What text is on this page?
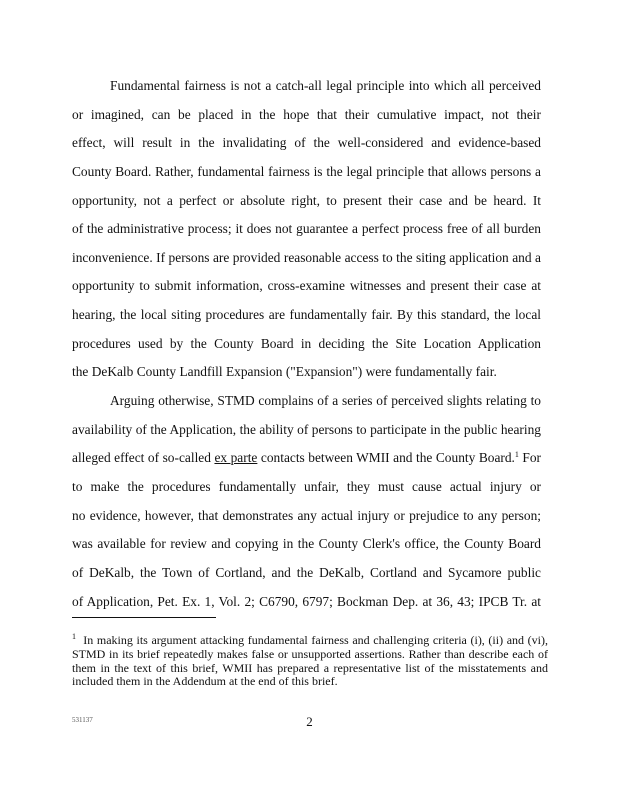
Fundamental fairness is not a catch-all legal principle into which all perceived
or imagined, can be placed in the hope that their cumulative impact, not their
effect, will result in the invalidating of the well-considered and evidence-based
County Board. Rather, fundamental fairness is the legal principle that allows persons a
opportunity, not a perfect or absolute right, to present their case and be heard. It
of the administrative process; it does not guarantee a perfect process free of all burden
inconvenience. If persons are provided reasonable access to the siting application and a
opportunity to submit information, cross-examine witnesses and present their case at
hearing, the local siting procedures are fundamentally fair. By this standard, the local
procedures used by the County Board in deciding the Site Location Application
the DeKalb County Landfill Expansion ("Expansion") were fundamentally fair.
Arguing otherwise, STMD complains of a series of perceived slights relating to
availability of the Application, the ability of persons to participate in the public hearing
alleged effect of so-called ex parte contacts between WMII and the County Board.$^1$ For
to make the procedures fundamentally unfair, they must cause actual injury or
no evidence, however, that demonstrates any actual injury or prejudice to any person;
was available for review and copying in the County Clerk's office, the County Board
of DeKalb, the Town of Cortland, and the DeKalb, Cortland and Sycamore public
of Application, Pet. Ex. 1, Vol. 2; C6790, 6797; Bockman Dep. at 36, 43; IPCB Tr. at
$^1$ In making its argument attacking fundamental fairness and challenging criteria (i), (ii) and (vi),
STMD in its brief repeatedly makes false or unsupported assertions. Rather than describe each of
them in the text of this brief, WMII has prepared a representative list of the misstatements and
included them in the Addendum at the end of this brief.
531137	2
